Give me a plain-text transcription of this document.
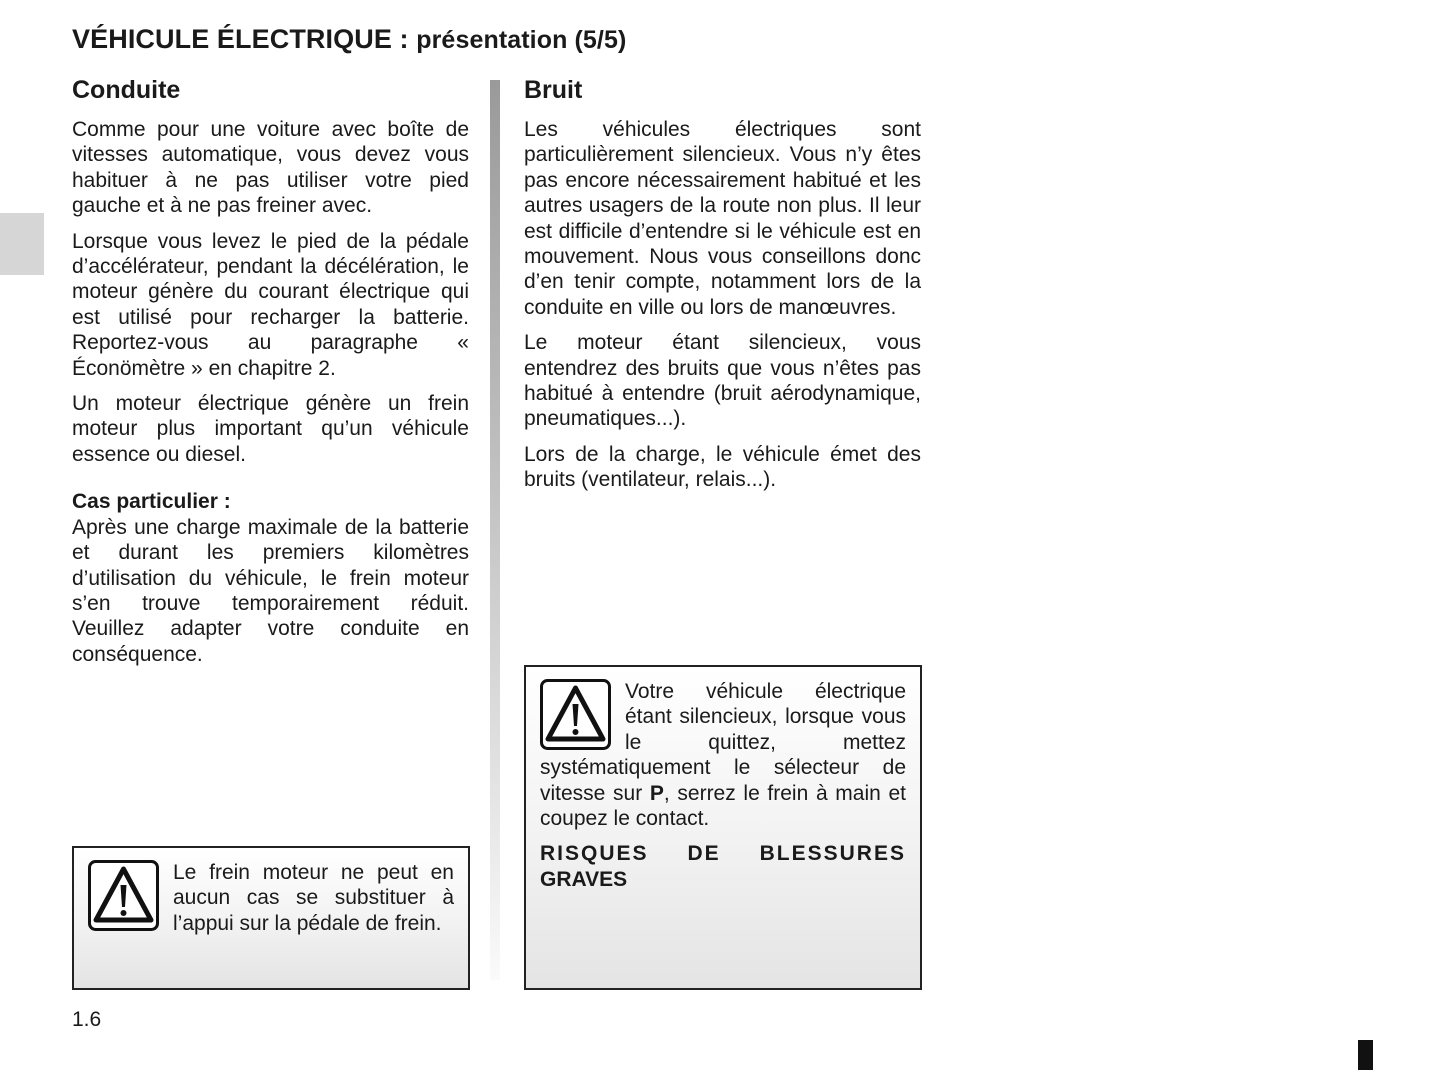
VÉHICULE ÉLECTRIQUE : présentation (5/5)
Conduite

Comme pour une voiture avec boîte de vitesses automatique, vous devez vous habituer à ne pas utiliser votre pied gauche et à ne pas freiner avec.

Lorsque vous levez le pied de la pédale d’accélérateur, pendant la décélération, le moteur génère du courant électrique qui est utilisé pour recharger la batterie. Reportez-vous au paragraphe « Éconömètre » en chapitre 2.

Un moteur électrique génère un frein moteur plus important qu’un véhicule essence ou diesel.

Cas particulier :
Après une charge maximale de la batterie et durant les premiers kilomètres d’utilisation du véhicule, le frein moteur s’en trouve temporairement réduit. Veuillez adapter votre conduite en conséquence.

Bruit

Les véhicules électriques sont particulièrement silencieux. Vous n’y êtes pas encore nécessairement habitué et les autres usagers de la route non plus. Il leur est difficile d’entendre si le véhicule est en mouvement. Nous vous conseillons donc d’en tenir compte, notamment lors de la conduite en ville ou lors de manœuvres.

Le moteur étant silencieux, vous entendrez des bruits que vous n’êtes pas habitué à entendre (bruit aérodynamique, pneumatiques...).

Lors de la charge, le véhicule émet des bruits (ventilateur, relais...).

Le frein moteur ne peut en aucun cas se substituer à l’appui sur la pédale de frein.

Votre véhicule électrique étant silencieux, lorsque vous le quittez, mettez systématiquement le sélecteur de vitesse sur P, serrez le frein à main et coupez le contact.

RISQUES DE BLESSURES
GRAVES
1.6
